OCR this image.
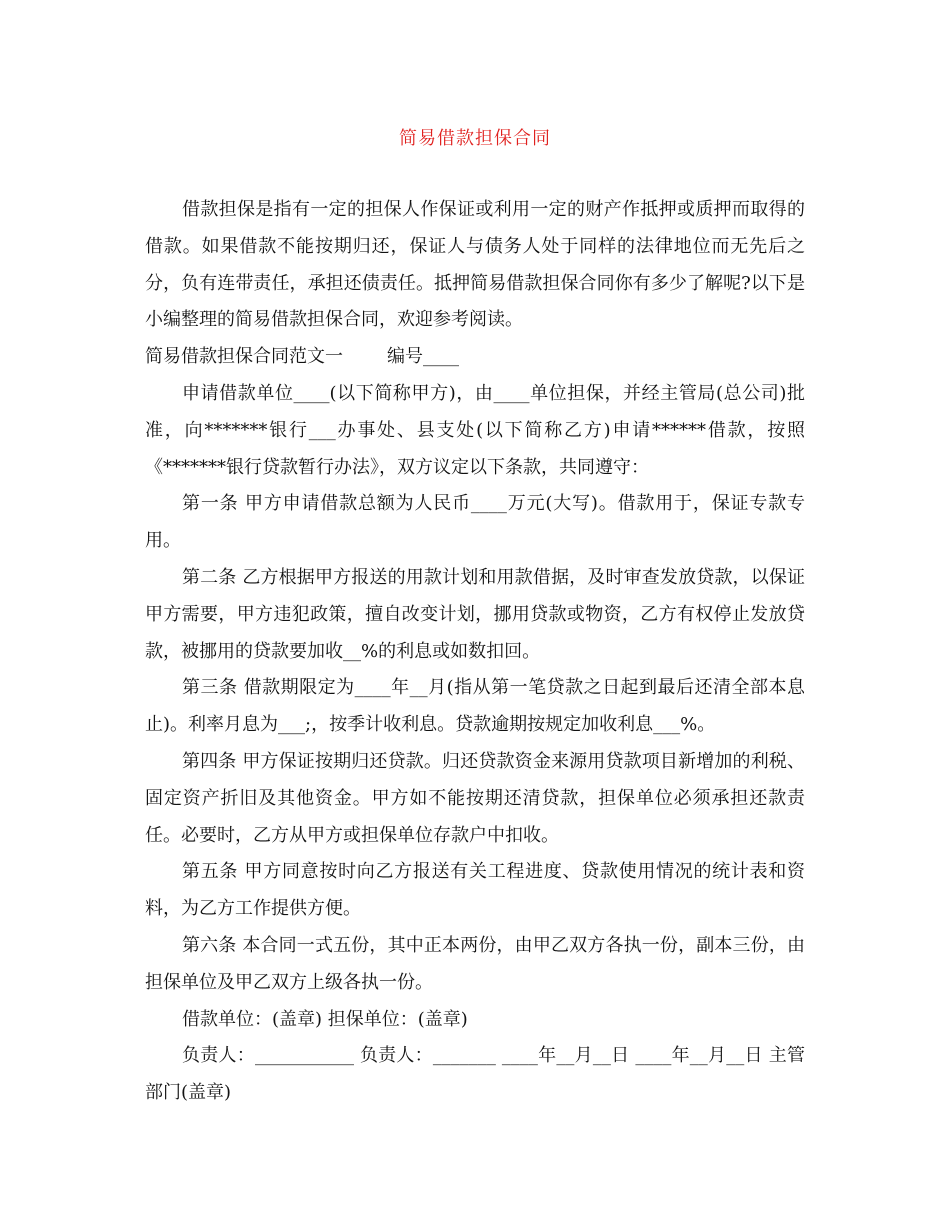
简易借款担保合同

借款担保是指有一定的担保人作保证或利用一定的财产作抵押或质押而取得的借款。如果借款不能按期归还，保证人与债务人处于同样的法律地位而无先后之分，负有连带责任，承担还债责任。抵押简易借款担保合同你有多少了解呢?以下是小编整理的简易借款担保合同，欢迎参考阅读。

简易借款担保合同范文一 编号____

申请借款单位____(以下简称甲方)，由____单位担保，并经主管局(总公司)批准，向*******银行___办事处、县支处(以下简称乙方)申请******借款，按照《*******银行贷款暂行办法》，双方议定以下条款，共同遵守：

第一条 甲方申请借款总额为人民币____万元(大写)。借款用于，保证专款专用。

第二条 乙方根据甲方报送的用款计划和用款借据，及时审查发放贷款，以保证甲方需要，甲方违犯政策，擅自改变计划，挪用贷款或物资，乙方有权停止发放贷款，被挪用的贷款要加收__%的利息或如数扣回。

第三条 借款期限定为____年__月(指从第一笔贷款之日起到最后还清全部本息止)。利率月息为___;，按季计收利息。贷款逾期按规定加收利息___%。

第四条 甲方保证按期归还贷款。归还贷款资金来源用贷款项目新增加的利税、固定资产折旧及其他资金。甲方如不能按期还清贷款，担保单位必须承担还款责任。必要时，乙方从甲方或担保单位存款户中扣收。

第五条 甲方同意按时向乙方报送有关工程进度、贷款使用情况的统计表和资料，为乙方工作提供方便。

第六条 本合同一式五份，其中正本两份，由甲乙双方各执一份，副本三份，由担保单位及甲乙双方上级各执一份。

借款单位：(盖章) 担保单位：(盖章)

负责人：___________ 负责人：_______ ____年__月__日 ____年__月__日 主管部门(盖章)
